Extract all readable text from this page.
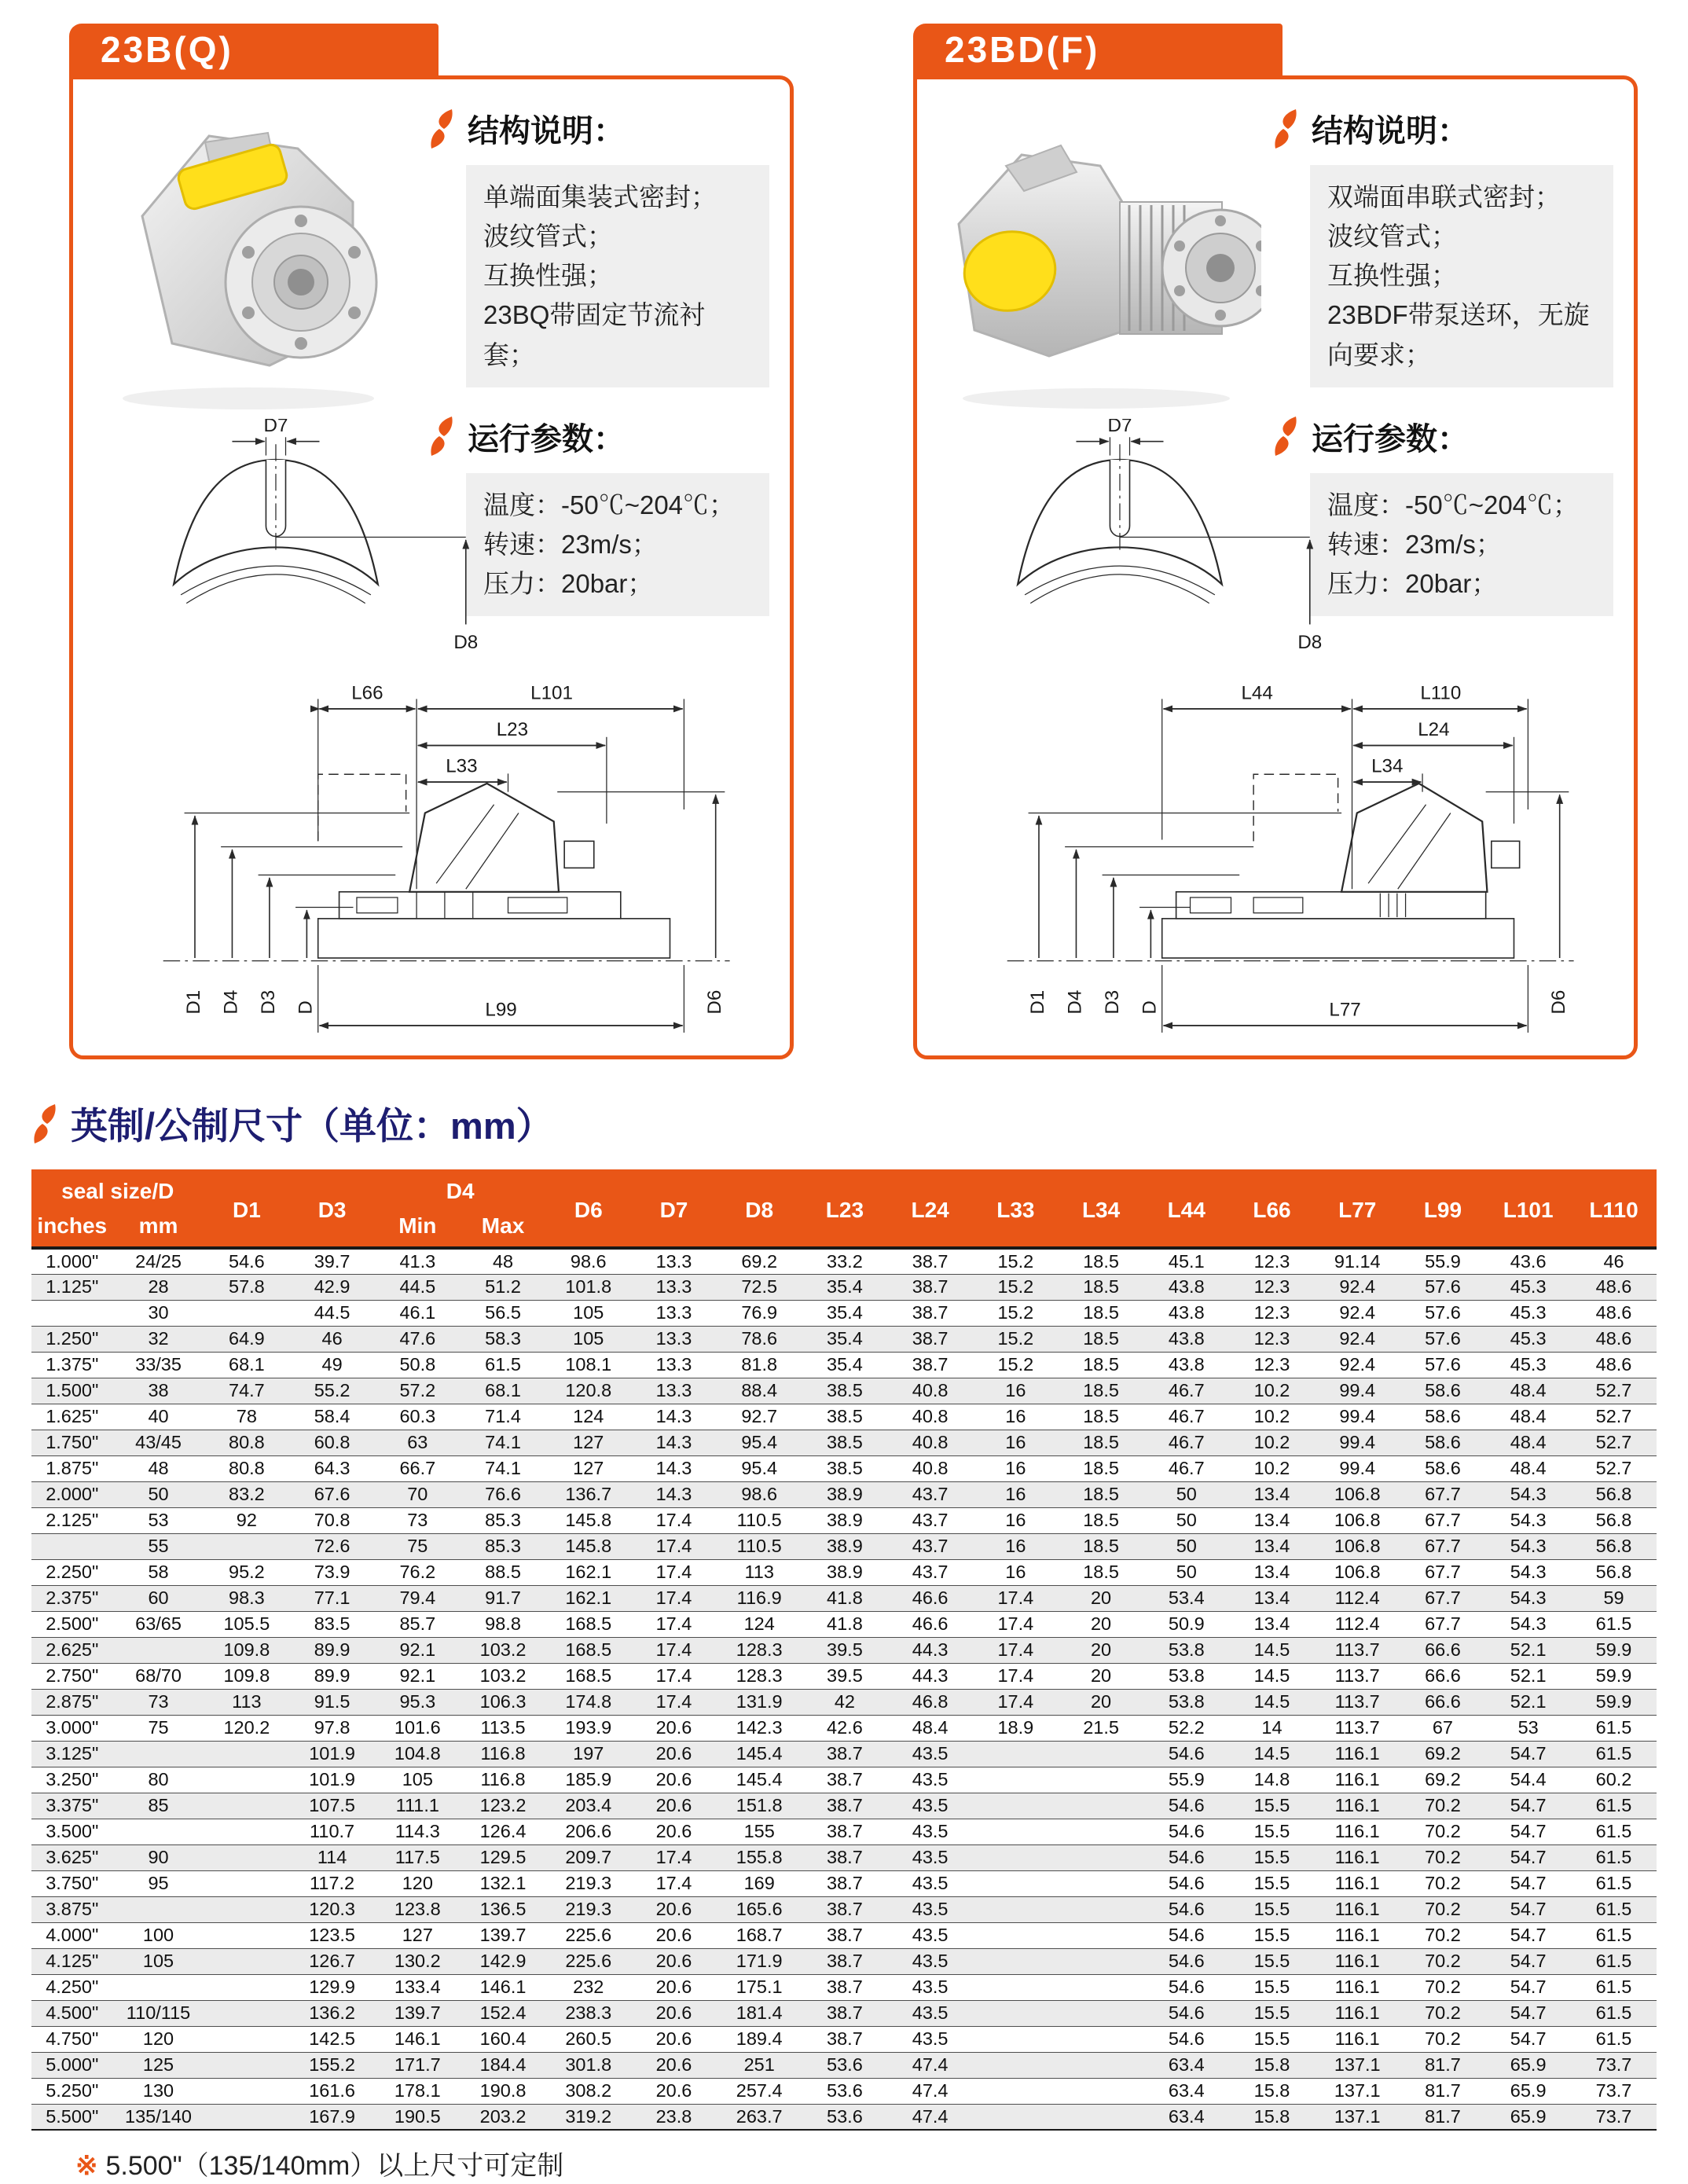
23B(Q)
结构说明：
单端面集装式密封；
波纹管式；
互换性强；
23BQ带固定节流衬套；
运行参数：
温度：-50℃~204℃；
转速：23m/s；
压力：20bar；
D7
D8
L66	L101
L23
L33
D1 D4 D3 D	D6
L99
23BD(F)
结构说明：
双端面串联式密封；
波纹管式；
互换性强；
23BDF带泵送环，无旋向要求；
运行参数：
温度：-50℃~204℃；
转速：23m/s；
压力：20bar；
D7
D8
L44	L110
L24
L34
D1 D4 D3 D	D6
L77
英制/公制尺寸（单位：mm）
seal size/D		D1	D3	D4		D6	D7	D8	L23	L24	L33	L34	L44	L66	L77	L99	L101	L110
inches	mm			Min	Max													
1.000"	24/25	54.6	39.7	41.3	48	98.6	13.3	69.2	33.2	38.7	15.2	18.5	45.1	12.3	91.14	55.9	43.6	46
1.125"	28	57.8	42.9	44.5	51.2	101.8	13.3	72.5	35.4	38.7	15.2	18.5	43.8	12.3	92.4	57.6	45.3	48.6
	30		44.5	46.1	56.5	105	13.3	76.9	35.4	38.7	15.2	18.5	43.8	12.3	92.4	57.6	45.3	48.6
1.250"	32	64.9	46	47.6	58.3	105	13.3	78.6	35.4	38.7	15.2	18.5	43.8	12.3	92.4	57.6	45.3	48.6
1.375"	33/35	68.1	49	50.8	61.5	108.1	13.3	81.8	35.4	38.7	15.2	18.5	43.8	12.3	92.4	57.6	45.3	48.6
1.500"	38	74.7	55.2	57.2	68.1	120.8	13.3	88.4	38.5	40.8	16	18.5	46.7	10.2	99.4	58.6	48.4	52.7
1.625"	40	78	58.4	60.3	71.4	124	14.3	92.7	38.5	40.8	16	18.5	46.7	10.2	99.4	58.6	48.4	52.7
1.750"	43/45	80.8	60.8	63	74.1	127	14.3	95.4	38.5	40.8	16	18.5	46.7	10.2	99.4	58.6	48.4	52.7
1.875"	48	80.8	64.3	66.7	74.1	127	14.3	95.4	38.5	40.8	16	18.5	46.7	10.2	99.4	58.6	48.4	52.7
2.000"	50	83.2	67.6	70	76.6	136.7	14.3	98.6	38.9	43.7	16	18.5	50	13.4	106.8	67.7	54.3	56.8
2.125"	53	92	70.8	73	85.3	145.8	17.4	110.5	38.9	43.7	16	18.5	50	13.4	106.8	67.7	54.3	56.8
	55		72.6	75	85.3	145.8	17.4	110.5	38.9	43.7	16	18.5	50	13.4	106.8	67.7	54.3	56.8
2.250"	58	95.2	73.9	76.2	88.5	162.1	17.4	113	38.9	43.7	16	18.5	50	13.4	106.8	67.7	54.3	56.8
2.375"	60	98.3	77.1	79.4	91.7	162.1	17.4	116.9	41.8	46.6	17.4	20	53.4	13.4	112.4	67.7	54.3	59
2.500"	63/65	105.5	83.5	85.7	98.8	168.5	17.4	124	41.8	46.6	17.4	20	50.9	13.4	112.4	67.7	54.3	61.5
2.625"		109.8	89.9	92.1	103.2	168.5	17.4	128.3	39.5	44.3	17.4	20	53.8	14.5	113.7	66.6	52.1	59.9
2.750"	68/70	109.8	89.9	92.1	103.2	168.5	17.4	128.3	39.5	44.3	17.4	20	53.8	14.5	113.7	66.6	52.1	59.9
2.875"	73	113	91.5	95.3	106.3	174.8	17.4	131.9	42	46.8	17.4	20	53.8	14.5	113.7	66.6	52.1	59.9
3.000"	75	120.2	97.8	101.6	113.5	193.9	20.6	142.3	42.6	48.4	18.9	21.5	52.2	14	113.7	67	53	61.5
3.125"			101.9	104.8	116.8	197	20.6	145.4	38.7	43.5			54.6	14.5	116.1	69.2	54.7	61.5
3.250"	80		101.9	105	116.8	185.9	20.6	145.4	38.7	43.5			55.9	14.8	116.1	69.2	54.4	60.2
3.375"	85		107.5	111.1	123.2	203.4	20.6	151.8	38.7	43.5			54.6	15.5	116.1	70.2	54.7	61.5
3.500"			110.7	114.3	126.4	206.6	20.6	155	38.7	43.5			54.6	15.5	116.1	70.2	54.7	61.5
3.625"	90		114	117.5	129.5	209.7	17.4	155.8	38.7	43.5			54.6	15.5	116.1	70.2	54.7	61.5
3.750"	95		117.2	120	132.1	219.3	17.4	169	38.7	43.5			54.6	15.5	116.1	70.2	54.7	61.5
3.875"			120.3	123.8	136.5	219.3	20.6	165.6	38.7	43.5			54.6	15.5	116.1	70.2	54.7	61.5
4.000"	100		123.5	127	139.7	225.6	20.6	168.7	38.7	43.5			54.6	15.5	116.1	70.2	54.7	61.5
4.125"	105		126.7	130.2	142.9	225.6	20.6	171.9	38.7	43.5			54.6	15.5	116.1	70.2	54.7	61.5
4.250"			129.9	133.4	146.1	232	20.6	175.1	38.7	43.5			54.6	15.5	116.1	70.2	54.7	61.5
4.500"	110/115		136.2	139.7	152.4	238.3	20.6	181.4	38.7	43.5			54.6	15.5	116.1	70.2	54.7	61.5
4.750"	120		142.5	146.1	160.4	260.5	20.6	189.4	38.7	43.5			54.6	15.5	116.1	70.2	54.7	61.5
5.000"	125		155.2	171.7	184.4	301.8	20.6	251	53.6	47.4			63.4	15.8	137.1	81.7	65.9	73.7
5.250"	130		161.6	178.1	190.8	308.2	20.6	257.4	53.6	47.4			63.4	15.8	137.1	81.7	65.9	73.7
5.500"	135/140		167.9	190.5	203.2	319.2	23.8	263.7	53.6	47.4			63.4	15.8	137.1	81.7	65.9	73.7
※ 5.500"（135/140mm）以上尺寸可定制
